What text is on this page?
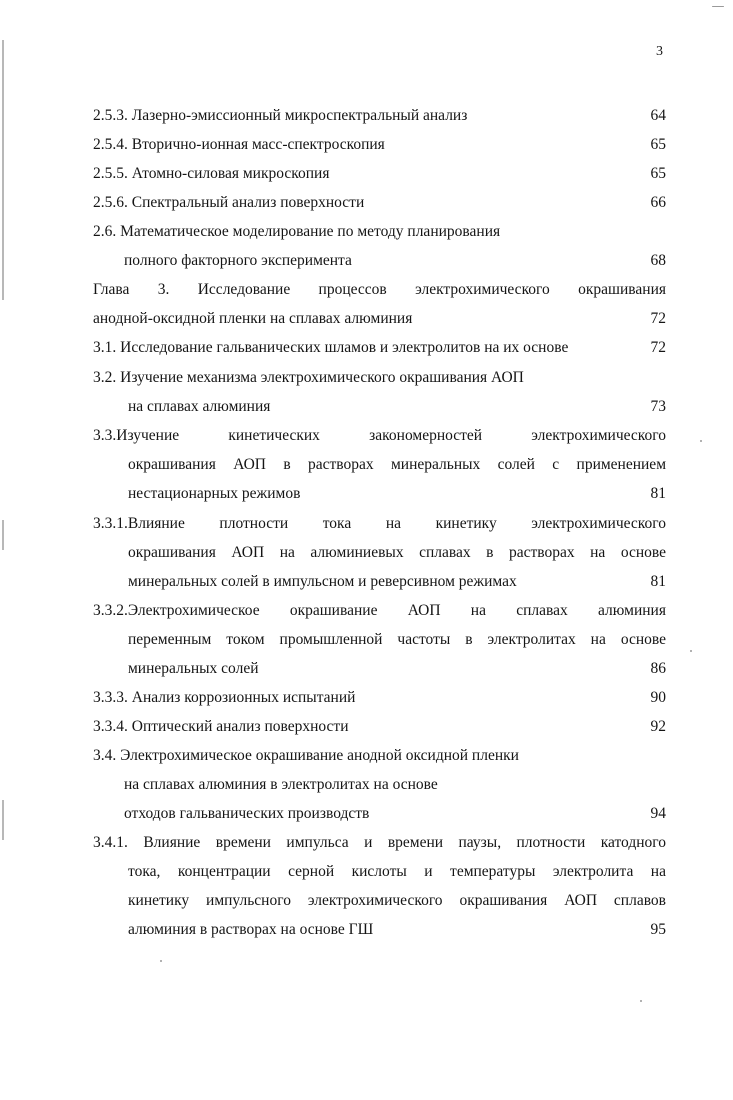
3
2.5.3. Лазерно-эмиссионный микроспектральный анализ	64
2.5.4. Вторично-ионная масс-спектроскопия	65
2.5.5. Атомно-силовая микроскопия	65
2.5.6. Спектральный анализ поверхности	66
2.6. Математическое моделирование по методу планирования
полного факторного эксперимента	68
Глава 3. Исследование процессов электрохимического окрашивания
анодной-оксидной пленки на сплавах алюминия	72
3.1. Исследование гальванических шламов и электролитов на их основе	72
3.2. Изучение механизма электрохимического окрашивания АОП
на сплавах алюминия	73
3.3.Изучение кинетических закономерностей электрохимического
окрашивания АОП в растворах минеральных солей с применением
нестационарных режимов	81
3.3.1.Влияние плотности тока на кинетику электрохимического
окрашивания АОП на алюминиевых сплавах в растворах на основе
минеральных солей в импульсном и реверсивном режимах	81
3.3.2.Электрохимическое окрашивание АОП на сплавах алюминия
переменным током промышленной частоты в электролитах на основе
минеральных солей	86
3.3.3. Анализ коррозионных испытаний	90
3.3.4. Оптический анализ поверхности	92
3.4. Электрохимическое окрашивание анодной оксидной пленки
на сплавах алюминия в электролитах на основе
отходов гальванических производств	94
3.4.1. Влияние времени импульса и времени паузы, плотности катодного
тока, концентрации серной кислоты и температуры электролита на
кинетику импульсного электрохимического окрашивания АОП сплавов
алюминия в растворах на основе ГШ	95
